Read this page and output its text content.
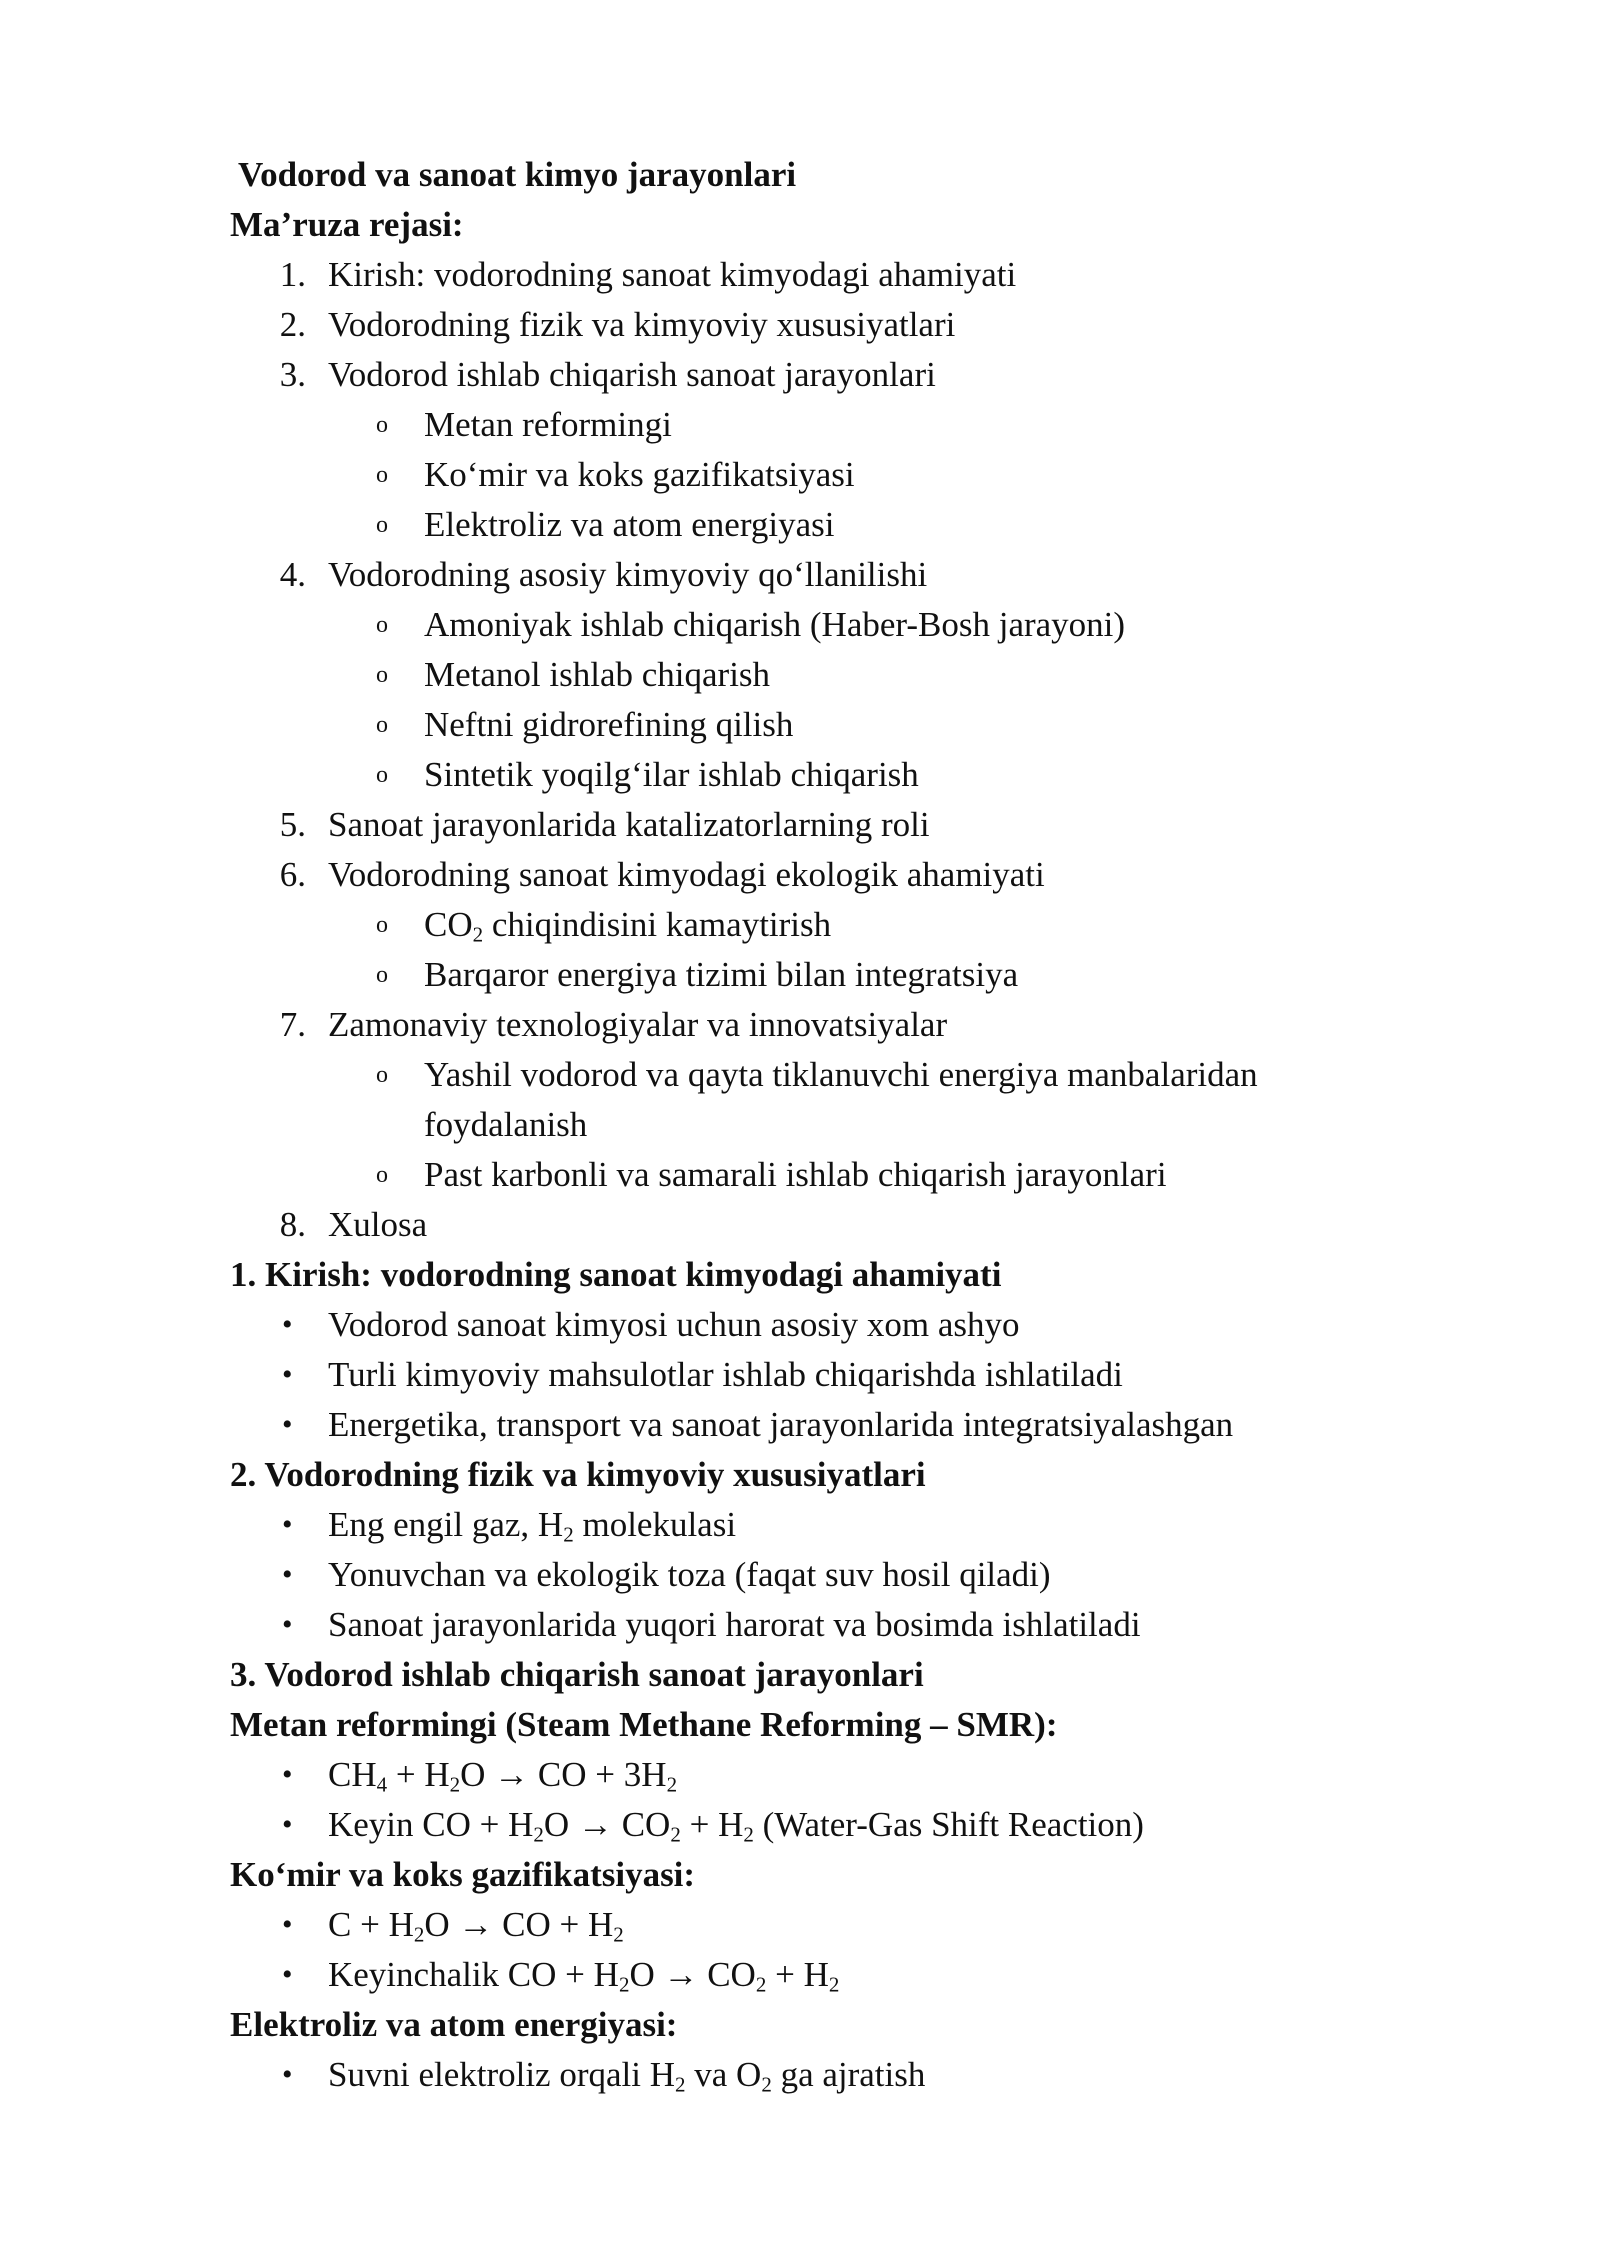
Vodorod va sanoat kimyo jarayonlari
Ma’ruza rejasi:
1. Kirish: vodorodning sanoat kimyodagi ahamiyati
2. Vodorodning fizik va kimyoviy xususiyatlari
3. Vodorod ishlab chiqarish sanoat jarayonlari
o Metan reformingi
o Ko‘mir va koks gazifikatsiyasi
o Elektroliz va atom energiyasi
4. Vodorodning asosiy kimyoviy qo‘llanilishi
o Amoniyak ishlab chiqarish (Haber-Bosh jarayoni)
o Metanol ishlab chiqarish
o Neftni gidrorefining qilish
o Sintetik yoqilg‘ilar ishlab chiqarish
5. Sanoat jarayonlarida katalizatorlarning roli
6. Vodorodning sanoat kimyodagi ekologik ahamiyati
o $CO_2$ chiqindisini kamaytirish
o Barqaror energiya tizimi bilan integratsiya
7. Zamonaviy texnologiyalar va innovatsiyalar
o Yashil vodorod va qayta tiklanuvchi energiya manbalaridan
foydalanish
o Past karbonli va samarali ishlab chiqarish jarayonlari
8. Xulosa
1. Kirish: vodorodning sanoat kimyodagi ahamiyati
• Vodorod sanoat kimyosi uchun asosiy xom ashyo
• Turli kimyoviy mahsulotlar ishlab chiqarishda ishlatiladi
• Energetika, transport va sanoat jarayonlarida integratsiyalashgan
2. Vodorodning fizik va kimyoviy xususiyatlari
• Eng engil gaz, $H_2$ molekulasi
• Yonuvchan va ekologik toza (faqat suv hosil qiladi)
• Sanoat jarayonlarida yuqori harorat va bosimda ishlatiladi
3. Vodorod ishlab chiqarish sanoat jarayonlari
Metan reformingi (Steam Methane Reforming – SMR):
• $CH_4 + H_2O$ → CO + $3H_2$
• Keyin CO + $H_2O \to CO_2 + H_2$ (Water-Gas Shift Reaction)
Ko‘mir va koks gazifikatsiyasi:
• $C + H_2O$ → CO + $H_2$
• Keyinchalik CO + $H_2O \to CO_2 + H_2$
Elektroliz va atom energiyasi:
• Suvni elektroliz orqali $H_2$ va $O_2$ ga ajratish
